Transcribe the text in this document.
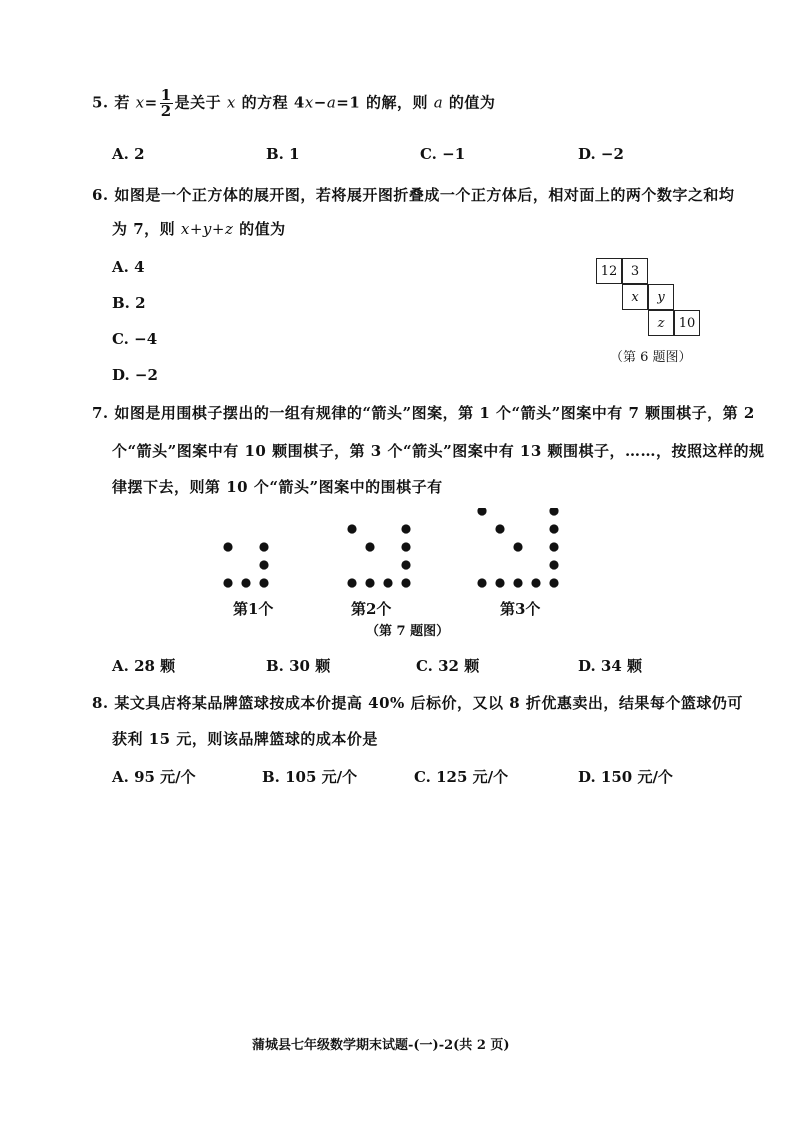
5. 若 $x= \frac{1}{2}$ 是关于 x 的方程 4x−a=1 的解，则 a 的值为
A. 2	B. 1	C. −1	D. −2
6. 如图是一个正方体的展开图，若将展开图折叠成一个正方体后，相对面上的两个数字之和均
为 7，则 x+y+z 的值为
A. 4
B. 2
C. −4
D. −2
12	3
x	y
z	10
（第 6 题图）
7. 如图是用围棋子摆出的一组有规律的“箭头”图案，第 1 个“箭头”图案中有 7 颗围棋子，第 2
个“箭头”图案中有 10 颗围棋子，第 3 个“箭头”图案中有 13 颗围棋子，……，按照这样的规
律摆下去，则第 10 个“箭头”图案中的围棋子有
第1个	第2个	第3个
（第 7 题图）
A. 28 颗	B. 30 颗	C. 32 颗	D. 34 颗
8. 某文具店将某品牌篮球按成本价提高 40% 后标价，又以 8 折优惠卖出，结果每个篮球仍可
获利 15 元，则该品牌篮球的成本价是
A. 95 元/个	B. 105 元/个	C. 125 元/个	D. 150 元/个
蒲城县七年级数学期末试题-(一)-2(共 2 页)
